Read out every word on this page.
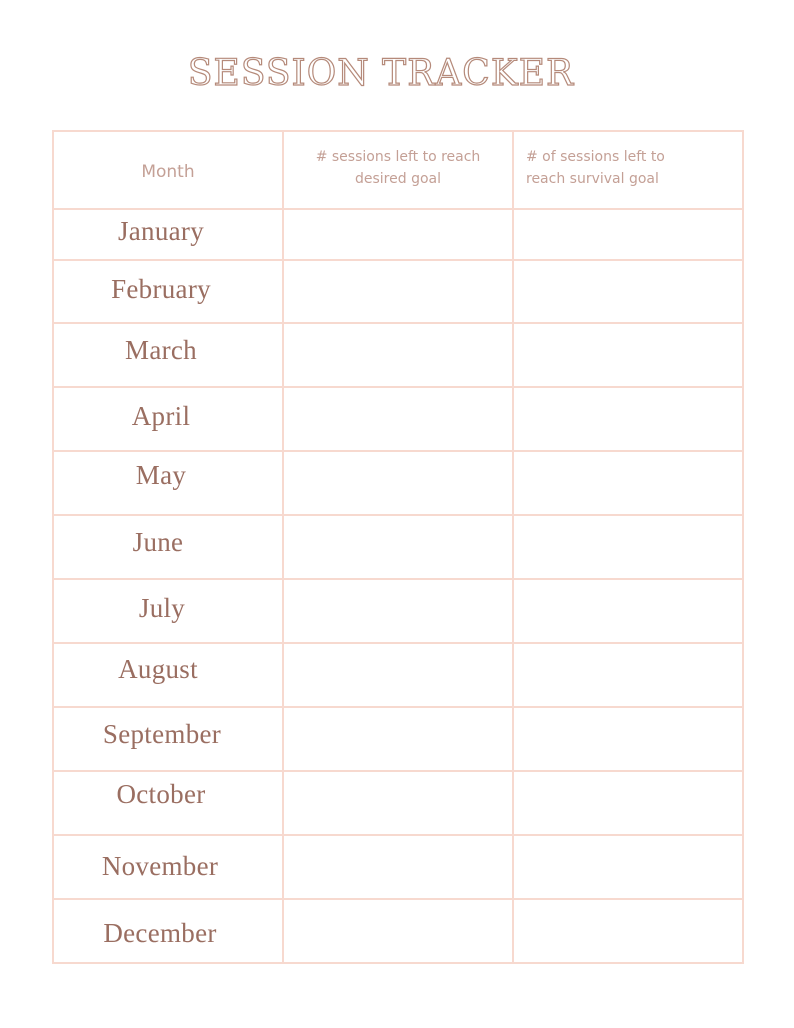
SESSION TRACKER
Month	# sessions left to reach desired goal	# of sessions left to reach survival goal
January		
February		
March		
April		
May		
June		
July		
August		
September		
October		
November		
December		
